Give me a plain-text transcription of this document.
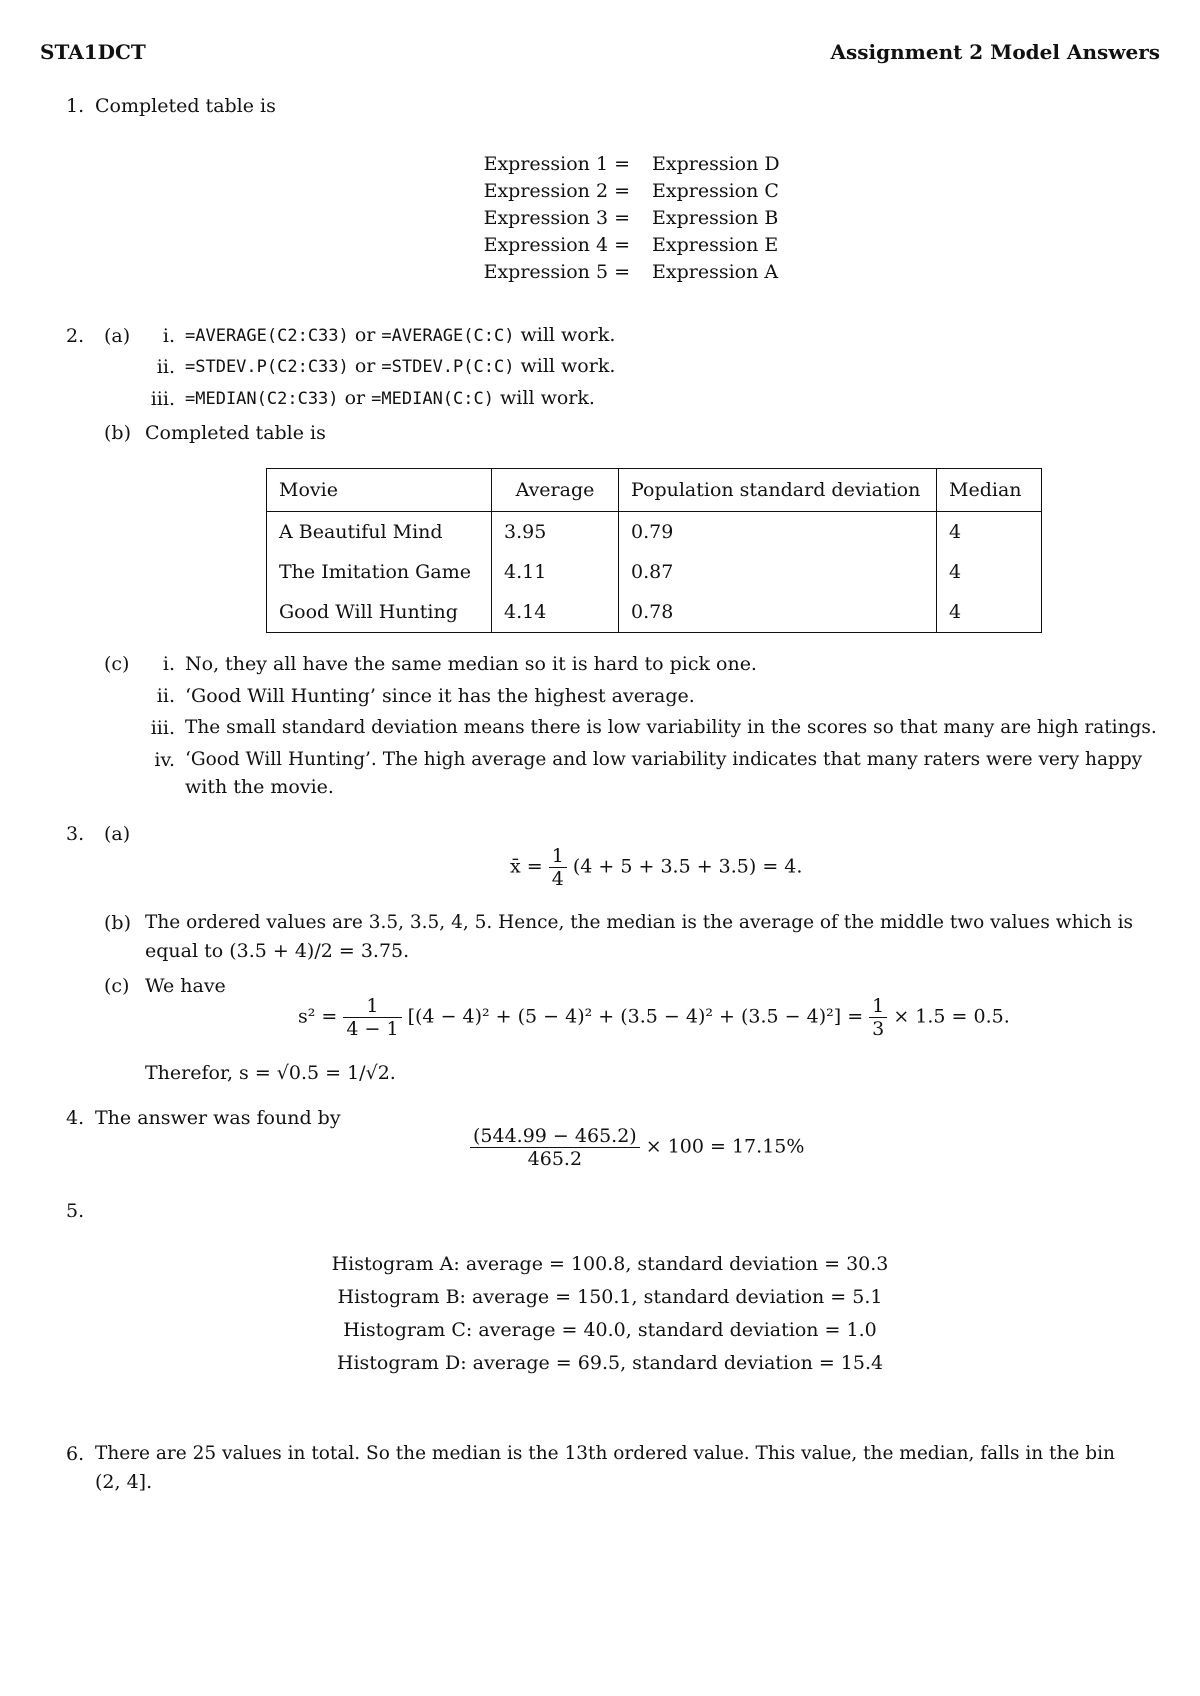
STA1DCT	Assignment 2 Model Answers
1. Completed table is
Expression 1 = Expression D
Expression 2 = Expression C
Expression 3 = Expression B
Expression 4 = Expression E
Expression 5 = Expression A
2. (a)	i. =AVERAGE(C2:C33) or =AVERAGE(C:C) will work.
ii. =STDEV.P(C2:C33) or =STDEV.P(C:C) will work.
iii. =MEDIAN(C2:C33) or =MEDIAN(C:C) will work.
(b) Completed table is
Movie	Average	Population standard deviation	Median
A Beautiful Mind	3.95	0.79	4
The Imitation Game	4.11	0.87	4
Good Will Hunting	4.14	0.78	4
(c)	i. No, they all have the same median so it is hard to pick one.
ii. ‘Good Will Hunting’ since it has the highest average.
iii. The small standard deviation means there is low variability in the scores so that many are high ratings.
iv. ‘Good Will Hunting’. The high average and low variability indicates that many raters were very happy
with the movie.
3. (a)
x̄ = $\frac{1}{4} (4 + 5 + 3.5 + 3.5) = 4$.
(b) The ordered values are 3.5, 3.5, 4, 5. Hence, the median is the average of the middle two values which is
equal to (3.5 + 4)/2 = 3.75.
(c) We have
$s^2 = \frac{1}{4 - 1} [(4 - 4)^2 + (5 - 4)^2 + (3.5 - 4)^2 + (3.5 - 4)^2] = \frac{1}{3} \times 1.5 = 0.5$.
Therefor, s = √0.5 = 1/√2.
4. The answer was found by
$\frac{(544.99 - 465.2)}{465.2} \times 100 = 17.15\%$
5.
Histogram A: average = 100.8, standard deviation = 30.3
Histogram B: average = 150.1, standard deviation = 5.1
Histogram C: average = 40.0, standard deviation = 1.0
Histogram D: average = 69.5, standard deviation = 15.4
6. There are 25 values in total. So the median is the 13th ordered value. This value, the median, falls in the bin
(2, 4].
